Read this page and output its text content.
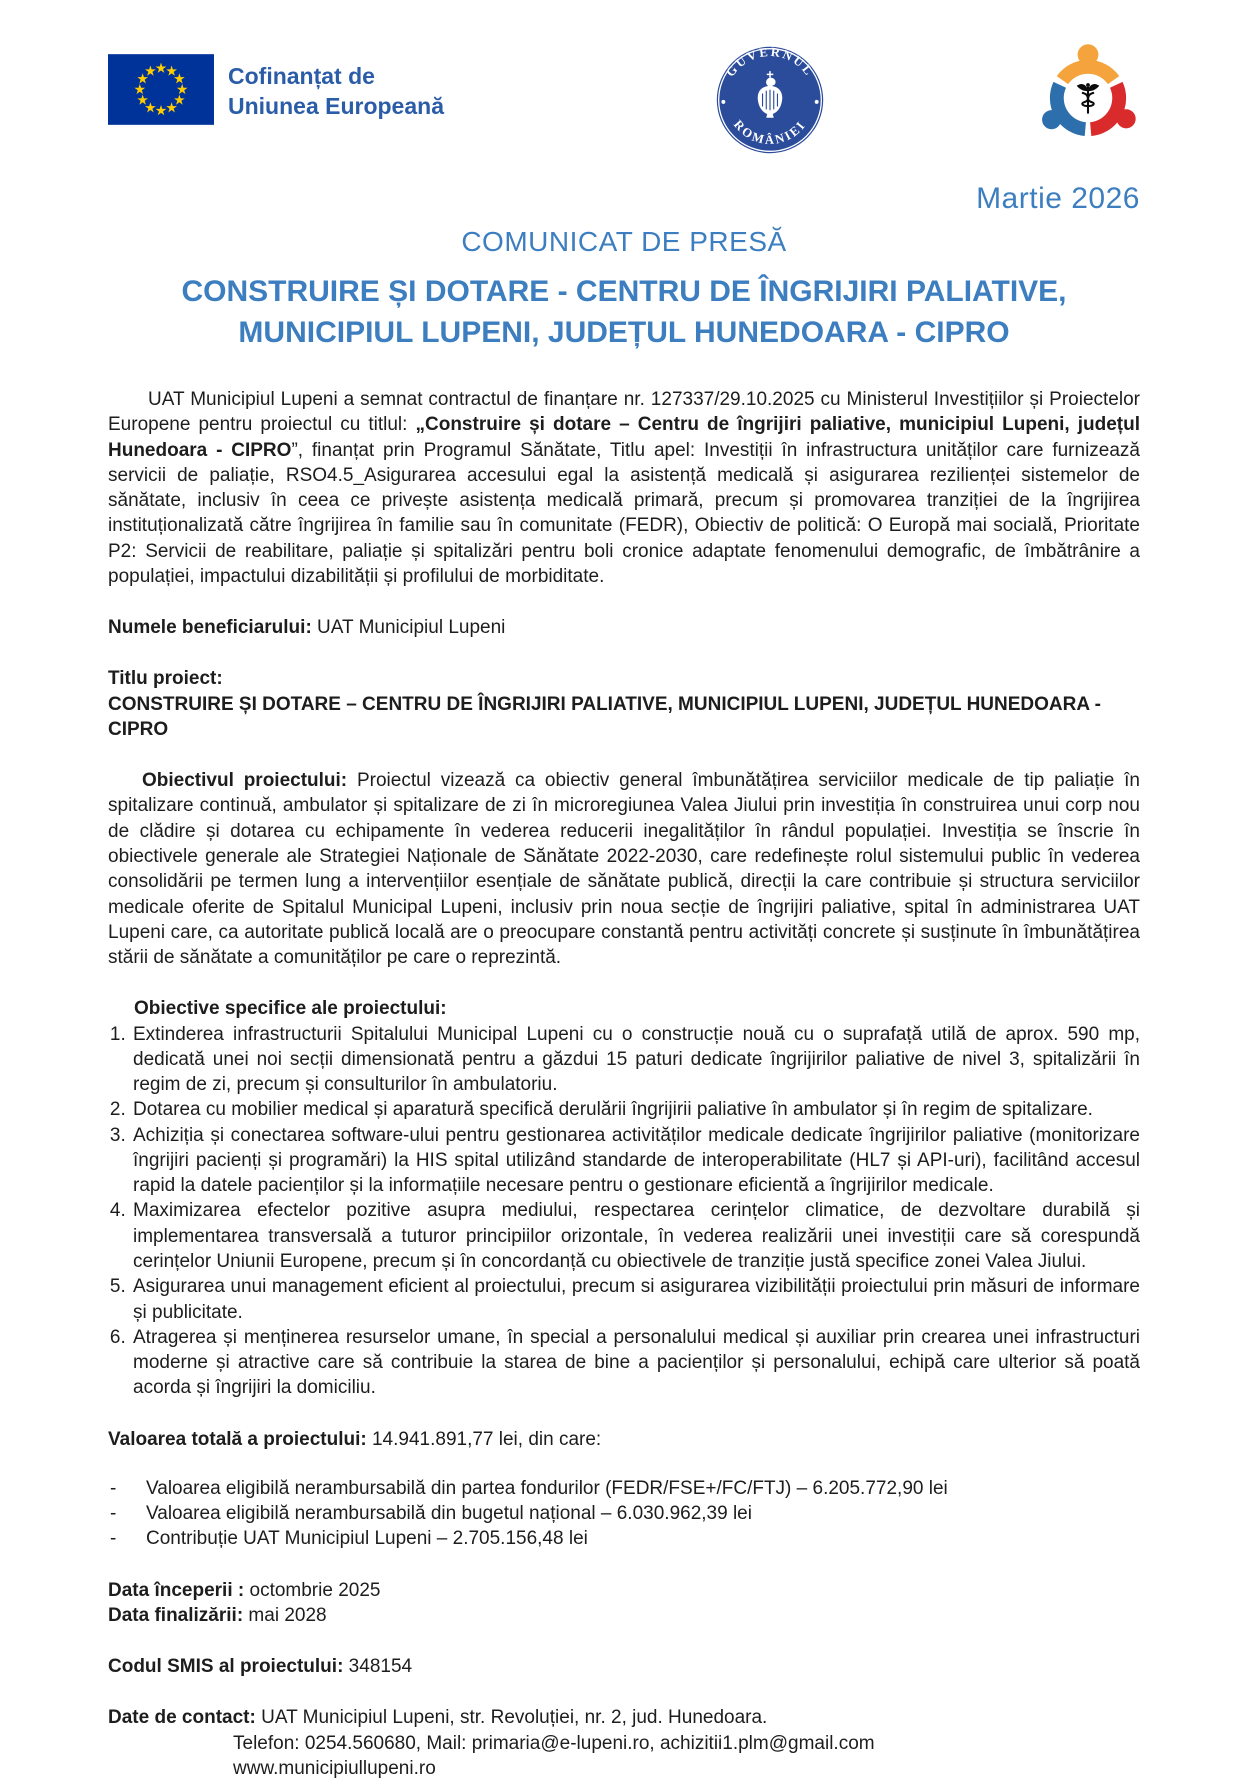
Cofinanțat de
Uniunea Europeană
GUVERNUL
ROMÂNIEI
Martie 2026
COMUNICAT DE PRESĂ
CONSTRUIRE ȘI DOTARE - CENTRU DE ÎNGRIJIRI PALIATIVE,
MUNICIPIUL LUPENI, JUDEȚUL HUNEDOARA - CIPRO

UAT Municipiul Lupeni a semnat contractul de finanțare nr. 127337/29.10.2025 cu Ministerul Investițiilor și Proiectelor Europene pentru proiectul cu titlul: „Construire și dotare – Centru de îngrijiri paliative, municipiul Lupeni, județul Hunedoara - CIPRO”, finanțat prin Programul Sănătate, Titlu apel: Investiții în infrastructura unităților care furnizează servicii de paliație, RSO4.5_Asigurarea accesului egal la asistență medicală și asigurarea rezilienței sistemelor de sănătate, inclusiv în ceea ce privește asistența medicală primară, precum și promovarea tranziției de la îngrijirea instituționalizată către îngrijirea în familie sau în comunitate (FEDR), Obiectiv de politică: O Europă mai socială, Prioritate P2: Servicii de reabilitare, paliație și spitalizări pentru boli cronice adaptate fenomenului demografic, de îmbătrânire a populației, impactului dizabilității și profilului de morbiditate.

Numele beneficiarului: UAT Municipiul Lupeni

Titlu proiect:
CONSTRUIRE ȘI DOTARE – CENTRU DE ÎNGRIJIRI PALIATIVE, MUNICIPIUL LUPENI, JUDEȚUL HUNEDOARA - CIPRO

Obiectivul proiectului: Proiectul vizează ca obiectiv general îmbunătățirea serviciilor medicale de tip paliație în spitalizare continuă, ambulator și spitalizare de zi în microregiunea Valea Jiului prin investiția în construirea unui corp nou de clădire și dotarea cu echipamente în vederea reducerii inegalităților în rândul populației. Investiția se înscrie în obiectivele generale ale Strategiei Naționale de Sănătate 2022-2030, care redefinește rolul sistemului public în vederea consolidării pe termen lung a intervențiilor esențiale de sănătate publică, direcții la care contribuie și structura serviciilor medicale oferite de Spitalul Municipal Lupeni, inclusiv prin noua secție de îngrijiri paliative, spital în administrarea UAT Lupeni care, ca autoritate publică locală are o preocupare constantă pentru activități concrete și susținute în îmbunătățirea stării de sănătate a comunităților pe care o reprezintă.

Obiective specifice ale proiectului:

1. Extinderea infrastructurii Spitalului Municipal Lupeni cu o construcție nouă cu o suprafață utilă de aprox. 590 mp, dedicată unei noi secții dimensionată pentru a găzdui 15 paturi dedicate îngrijirilor paliative de nivel 3, spitalizării în regim de zi, precum și consulturilor în ambulatoriu.
2. Dotarea cu mobilier medical și aparatură specifică derulării îngrijirii paliative în ambulator și în regim de spitalizare.
3. Achiziția și conectarea software-ului pentru gestionarea activităților medicale dedicate îngrijirilor paliative (monitorizare îngrijiri pacienți și programări) la HIS spital utilizând standarde de interoperabilitate (HL7 și API-uri), facilitând accesul rapid la datele pacienților și la informațiile necesare pentru o gestionare eficientă a îngrijirilor medicale.
4. Maximizarea efectelor pozitive asupra mediului, respectarea cerințelor climatice, de dezvoltare durabilă și implementarea transversală a tuturor principiilor orizontale, în vederea realizării unei investiții care să corespundă cerințelor Uniunii Europene, precum și în concordanță cu obiectivele de tranziție justă specifice zonei Valea Jiului.
5. Asigurarea unui management eficient al proiectului, precum si asigurarea vizibilității proiectului prin măsuri de informare și publicitate.
6. Atragerea și menținerea resurselor umane, în special a personalului medical și auxiliar prin crearea unei infrastructuri moderne și atractive care să contribuie la starea de bine a pacienților și personalului, echipă care ulterior să poată acorda și îngrijiri la domiciliu.

Valoarea totală a proiectului: 14.941.891,77 lei, din care:

- Valoarea eligibilă nerambursabilă din partea fondurilor (FEDR/FSE+/FC/FTJ) – 6.205.772,90 lei
- Valoarea eligibilă nerambursabilă din bugetul național – 6.030.962,39 lei
- Contribuție UAT Municipiul Lupeni – 2.705.156,48 lei

Data începerii : octombrie 2025
Data finalizării: mai 2028

Codul SMIS al proiectului: 348154

Date de contact: UAT Municipiul Lupeni, str. Revoluției, nr. 2, jud. Hunedoara.

Telefon: 0254.560680, Mail: primaria@e-lupeni.ro, achizitii1.plm@gmail.com

www.municipiullupeni.ro
